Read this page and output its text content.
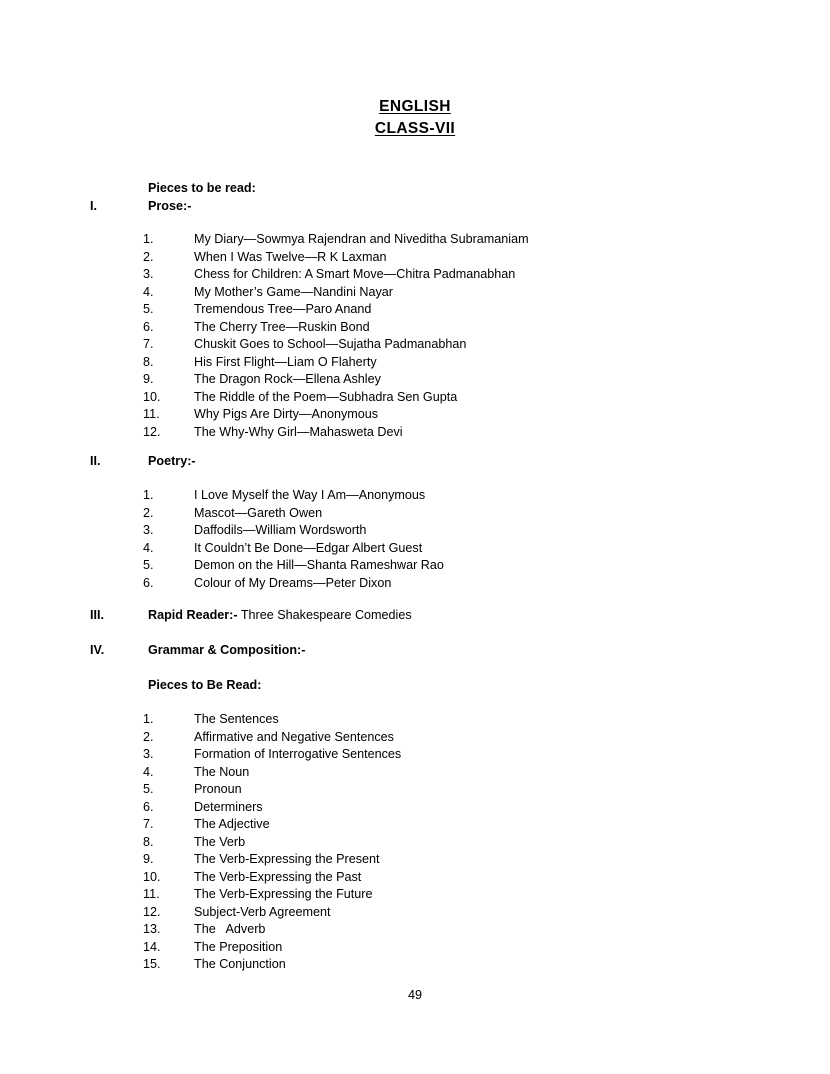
ENGLISH
CLASS-VII
Pieces to be read:
I.	Prose:-
1.	My Diary—Sowmya Rajendran and Niveditha Subramaniam
2.	When I Was Twelve—R K Laxman
3.	Chess for Children: A Smart Move—Chitra Padmanabhan
4.	My Mother’s Game—Nandini Nayar
5.	Tremendous Tree—Paro Anand
6.	The Cherry Tree—Ruskin Bond
7.	Chuskit Goes to School—Sujatha Padmanabhan
8.	His First Flight—Liam O Flaherty
9.	The Dragon Rock—Ellena Ashley
10.	The Riddle of the Poem—Subhadra Sen Gupta
11.	Why Pigs Are Dirty—Anonymous
12.	The Why-Why Girl—Mahasweta Devi
II.	Poetry:-
1.	I Love Myself the Way I Am—Anonymous
2.	Mascot—Gareth Owen
3.	Daffodils—William Wordsworth
4.	It Couldn’t Be Done—Edgar Albert Guest
5.	Demon on the Hill—Shanta Rameshwar Rao
6.	Colour of My Dreams—Peter Dixon
III.	Rapid Reader:- Three Shakespeare Comedies
IV.	Grammar & Composition:-
Pieces to Be Read:
1.	The Sentences
2.	Affirmative and Negative Sentences
3.	Formation of Interrogative Sentences
4.	The Noun
5.	Pronoun
6.	Determiners
7.	The Adjective
8.	The Verb
9.	The Verb-Expressing the Present
10.	The Verb-Expressing the Past
11.	The Verb-Expressing the Future
12.	Subject-Verb Agreement
13.	The   Adverb
14.	The Preposition
15.	The Conjunction
49
